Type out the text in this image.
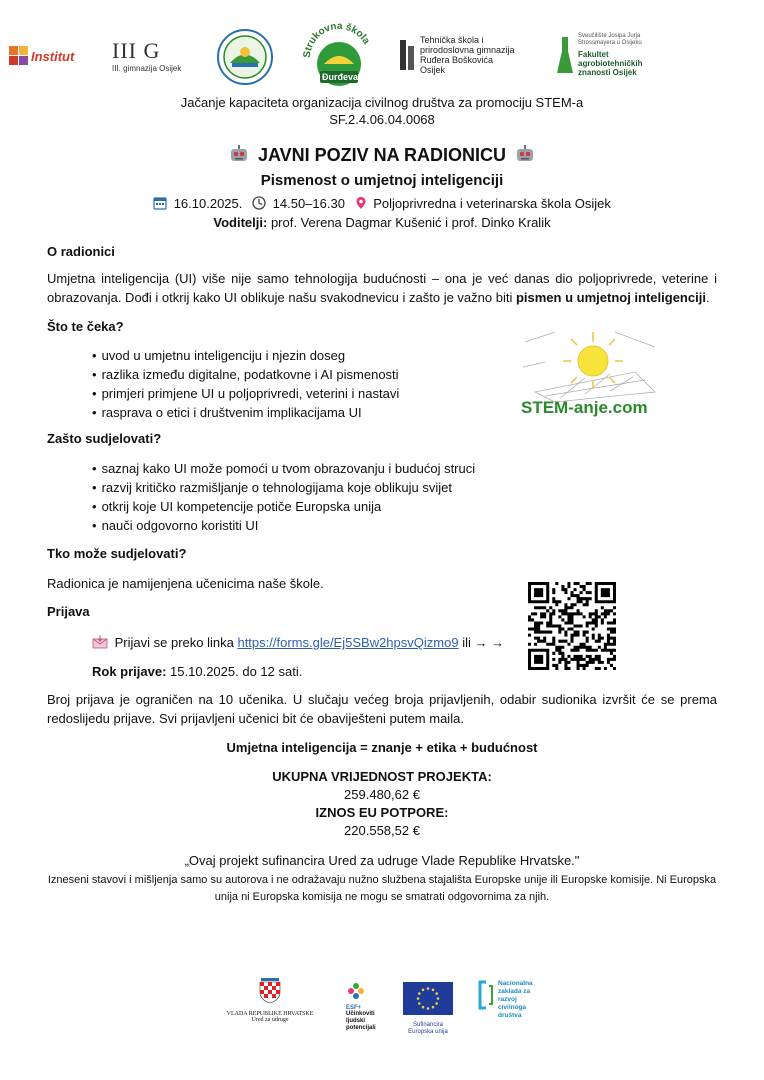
Institut III G
III. gimnazija Osijek
Strukovna škola
Đurđevac
Tehnička škola i
prirodoslovna gimnazija
Ruđera Boškovića
Osijek
Sveučilište Josipa Jurja
Strossmayera u Osijeku
Fakultet
agrobiotehničkih
znanosti Osijek
Jačanje kapaciteta organizacija civilnog društva za promociju STEM-a
SF.2.4.06.04.0068
JAVNI POZIV NA RADIONICU
Pismenost o umjetnoj inteligenciji
16.10.2025. 14.50–16.30 Poljoprivredna i veterinarska škola Osijek
Voditelji: prof. Verena Dagmar Kušenić i prof. Dinko Kralik
O radionici
Umjetna inteligencija (UI) više nije samo tehnologija budućnosti – ona je već danas dio poljoprivrede, veterine i obrazovanja. Dođi i otkrij kako UI oblikuje našu svakodnevicu i zašto je važno biti pismen u umjetnoj inteligenciji.
Što te čeka?
• uvod u umjetnu inteligenciju i njezin doseg
• razlika između digitalne, podatkovne i AI pismenosti
• primjeri primjene UI u poljoprivredi, veterini i nastavi
• rasprava o etici i društvenim implikacijama UI	STEM-anje.com
Zašto sudjelovati?
• saznaj kako UI može pomoći u tvom obrazovanju i budućoj struci
• razvij kritičko razmišljanje o tehnologijama koje oblikuju svijet
• otkrij koje UI kompetencije potiče Europska unija
• nauči odgovorno koristiti UI
Tko može sudjelovati?
Radionica je namijenjena učenicima naše škole.
Prijava
Prijavi se preko linka https://forms.gle/Ej5SBw2hpsvQizmo9 ili → →
Rok prijave: 15.10.2025. do 12 sati.
Broj prijava je ograničen na 10 učenika. U slučaju većeg broja prijavljenih, odabir sudionika izvršit će se prema redoslijedu prijave. Svi prijavljeni učenici bit će obaviješteni putem maila.
Umjetna inteligencija = znanje + etika + budućnost
UKUPNA VRIJEDNOST PROJEKTA:
259.480,62 €
IZNOS EU POTPORE:
220.558,52 €
„Ovaj projekt sufinancira Ured za udruge Vlade Republike Hrvatske."
Izneseni stavovi i mišljenja samo su autorova i ne odražavaju nužno službena stajališta Europske unije ili Europske komisije. Ni Europska unija ni Europska komisija ne mogu se smatrati odgovornima za njih.
VLADA REPUBLIKE HRVATSKE
Ured za udruge
ESF+
Učinkoviti
ljudski
potencijali	Sufinancira
Europska unija
Nacionalna
zaklada za
razvoj
civilnoga
društva
